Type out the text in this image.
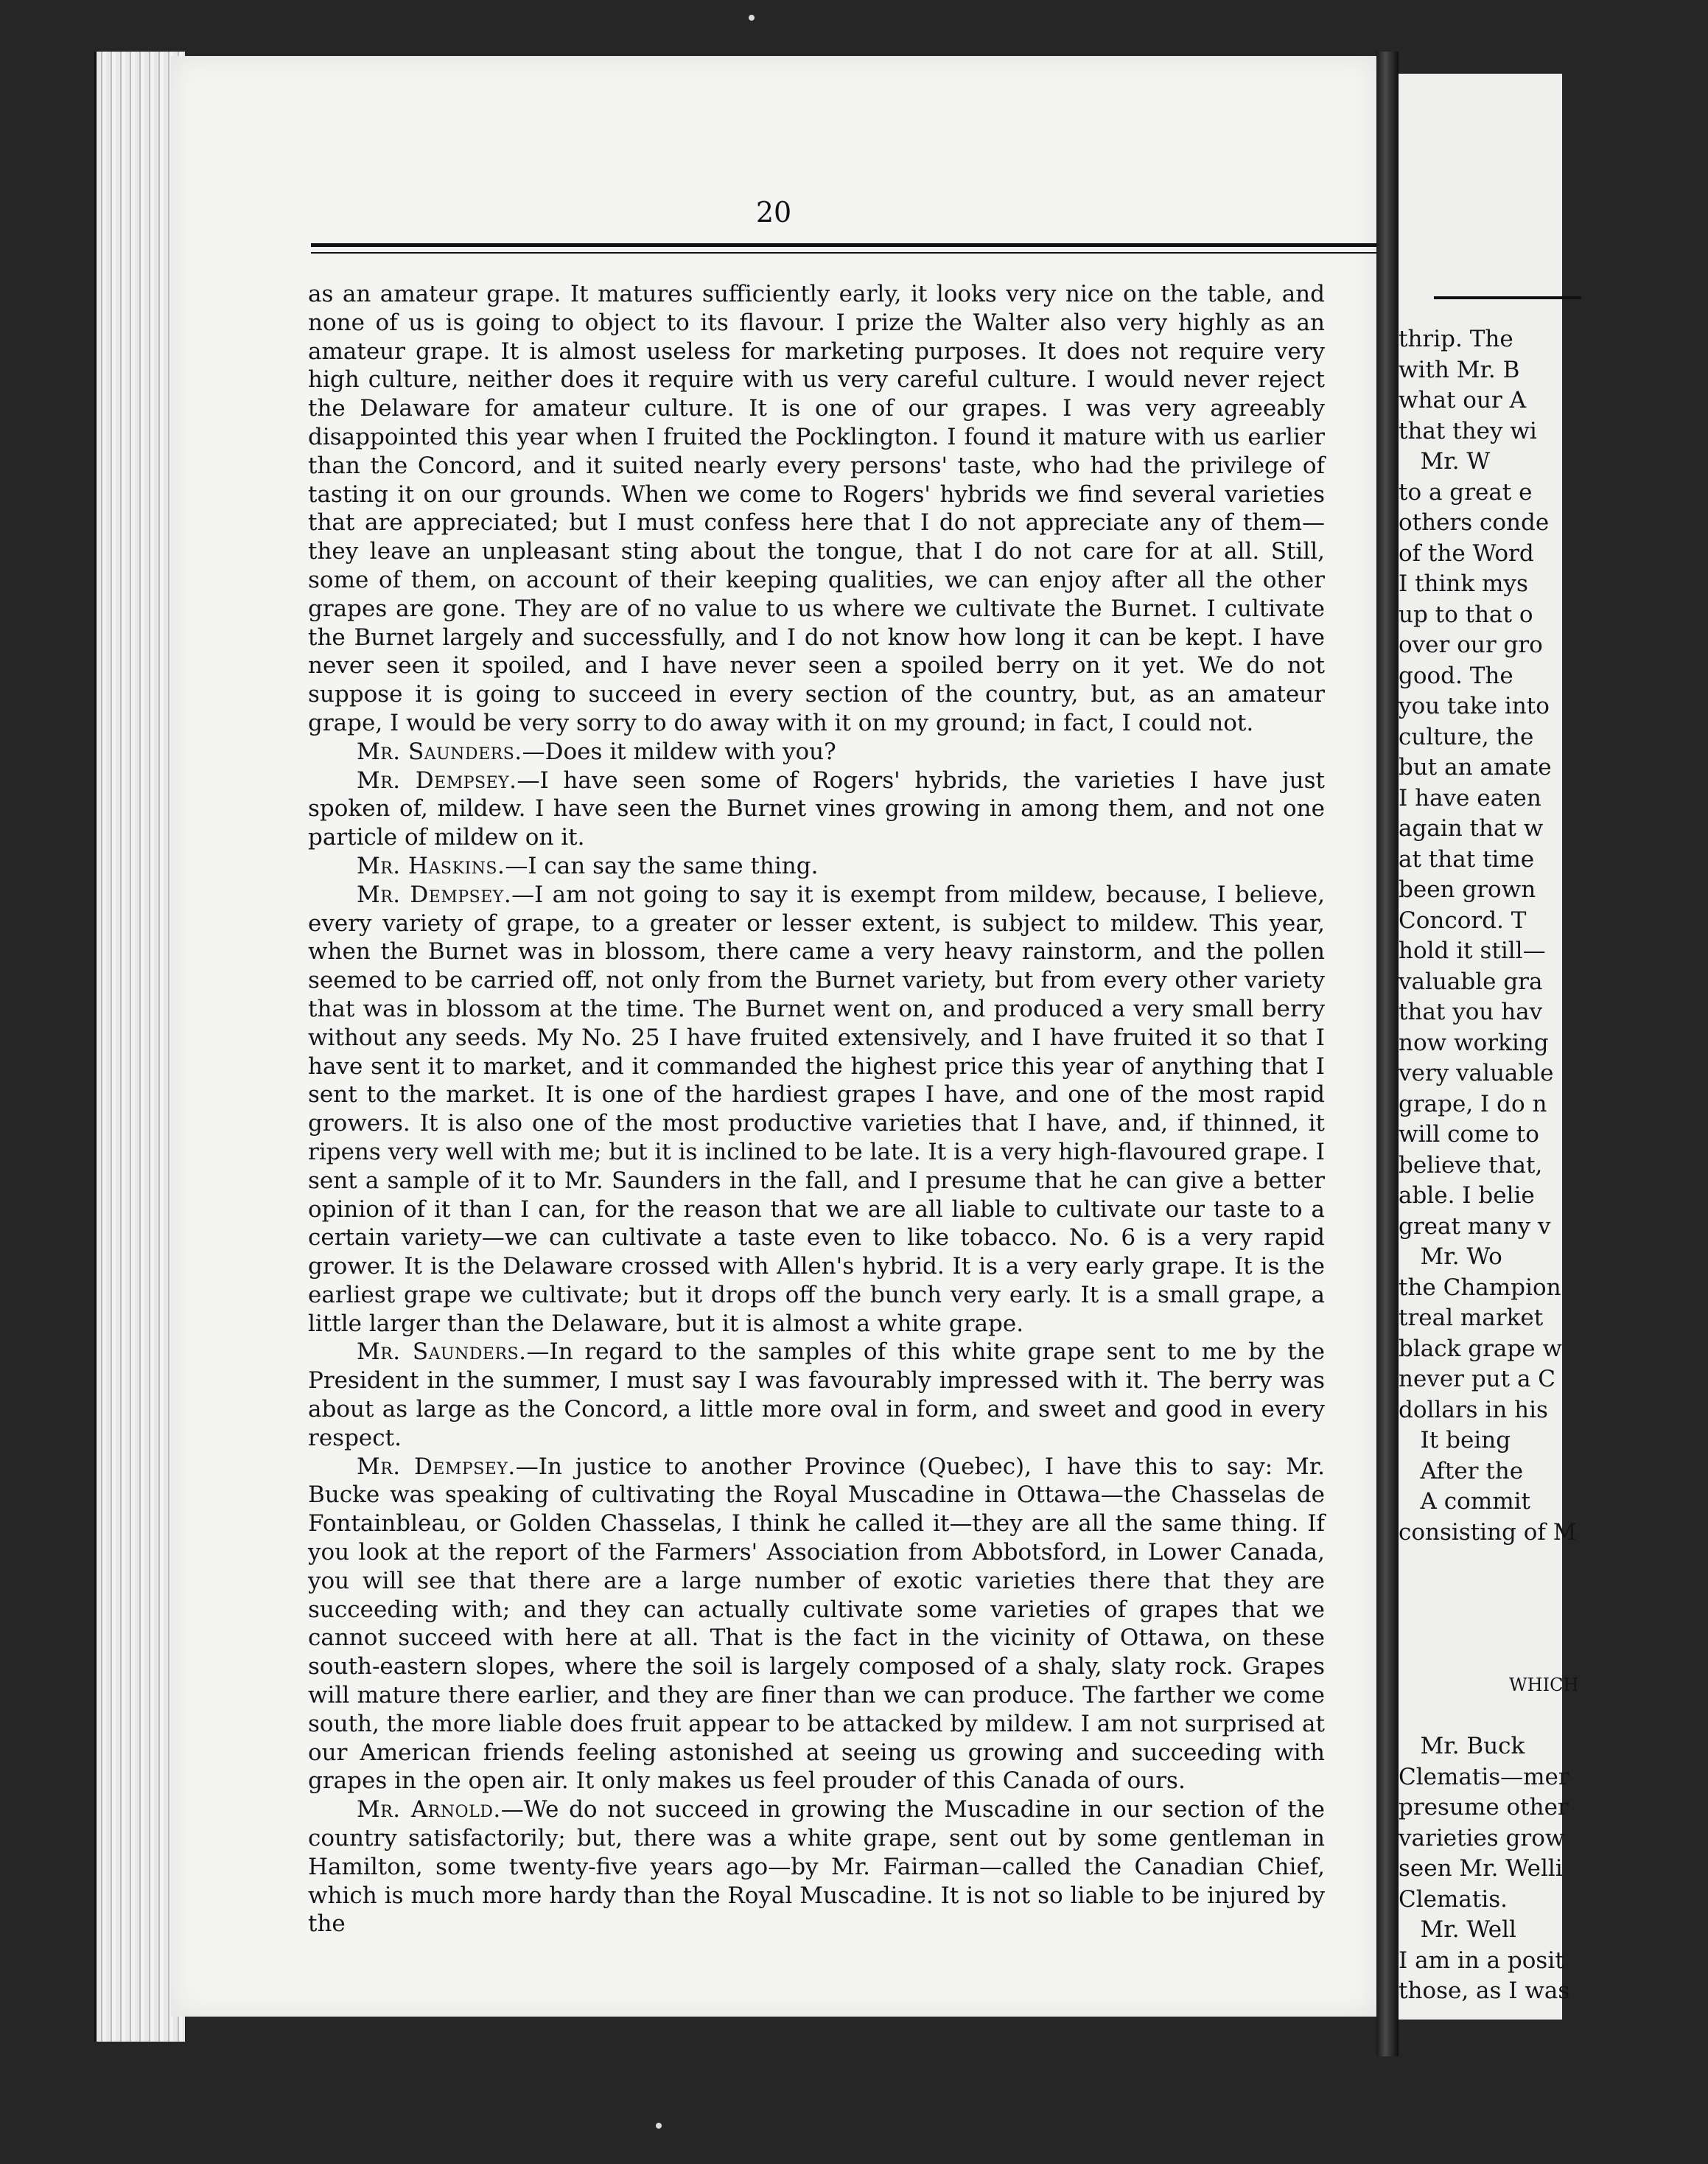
20

as an amateur grape. It matures sufficiently early, it looks very nice on the table, and none of us is going to object to its flavour. I prize the Walter also very highly as an amateur grape. It is almost useless for marketing purposes. It does not require very high culture, neither does it require with us very careful culture. I would never reject the Delaware for amateur culture. It is one of our grapes. I was very agreeably disappointed this year when I fruited the Pocklington. I found it mature with us earlier than the Concord, and it suited nearly every persons' taste, who had the privilege of tasting it on our grounds. When we come to Rogers' hybrids we find several varieties that are appreciated; but I must confess here that I do not appreciate any of them—they leave an unpleasant sting about the tongue, that I do not care for at all. Still, some of them, on account of their keeping qualities, we can enjoy after all the other grapes are gone. They are of no value to us where we cultivate the Burnet. I cultivate the Burnet largely and successfully, and I do not know how long it can be kept. I have never seen it spoiled, and I have never seen a spoiled berry on it yet. We do not suppose it is going to succeed in every section of the country, but, as an amateur grape, I would be very sorry to do away with it on my ground; in fact, I could not.

Mr. Saunders.—Does it mildew with you?

Mr. Dempsey.—I have seen some of Rogers' hybrids, the varieties I have just spoken of, mildew. I have seen the Burnet vines growing in among them, and not one particle of mildew on it.

Mr. Haskins.—I can say the same thing.

Mr. Dempsey.—I am not going to say it is exempt from mildew, because, I believe, every variety of grape, to a greater or lesser extent, is subject to mildew. This year, when the Burnet was in blossom, there came a very heavy rainstorm, and the pollen seemed to be carried off, not only from the Burnet variety, but from every other variety that was in blossom at the time. The Burnet went on, and produced a very small berry without any seeds. My No. 25 I have fruited extensively, and I have fruited it so that I have sent it to market, and it commanded the highest price this year of anything that I sent to the market. It is one of the hardiest grapes I have, and one of the most rapid growers. It is also one of the most productive varieties that I have, and, if thinned, it ripens very well with me; but it is inclined to be late. It is a very high-flavoured grape. I sent a sample of it to Mr. Saunders in the fall, and I presume that he can give a better opinion of it than I can, for the reason that we are all liable to cultivate our taste to a certain variety—we can cultivate a taste even to like tobacco. No. 6 is a very rapid grower. It is the Delaware crossed with Allen's hybrid. It is a very early grape. It is the earliest grape we cultivate; but it drops off the bunch very early. It is a small grape, a little larger than the Delaware, but it is almost a white grape.

Mr. Saunders.—In regard to the samples of this white grape sent to me by the President in the summer, I must say I was favourably impressed with it. The berry was about as large as the Concord, a little more oval in form, and sweet and good in every respect.

Mr. Dempsey.—In justice to another Province (Quebec), I have this to say: Mr. Bucke was speaking of cultivating the Royal Muscadine in Ottawa—the Chasselas de Fontainbleau, or Golden Chasselas, I think he called it—they are all the same thing. If you look at the report of the Farmers' Association from Abbotsford, in Lower Canada, you will see that there are a large number of exotic varieties there that they are succeeding with; and they can actually cultivate some varieties of grapes that we cannot succeed with here at all. That is the fact in the vicinity of Ottawa, on these south-eastern slopes, where the soil is largely composed of a shaly, slaty rock. Grapes will mature there earlier, and they are finer than we can produce. The farther we come south, the more liable does fruit appear to be attacked by mildew. I am not surprised at our American friends feeling astonished at seeing us growing and succeeding with grapes in the open air. It only makes us feel prouder of this Canada of ours.

Mr. Arnold.—We do not succeed in growing the Muscadine in our section of the country satisfactorily; but, there was a white grape, sent out by some gentleman in Hamilton, some twenty-five years ago—by Mr. Fairman—called the Canadian Chief, which is much more hardy than the Royal Muscadine. It is not so liable to be injured by the

thrip. The
with Mr. B
what our A
that they wi
Mr. W
to a great e
others conde
of the Word
I think mys
up to that o
over our gro
good. The
you take into
culture, the
but an amate
I have eaten
again that w
at that time
been grown
Concord. T
hold it still—
valuable gra
that you hav
now working
very valuable
grape, I do n
will come to
believe that,
able. I belie
great many v
Mr. Wo
the Champion
treal market
black grape w
never put a C
dollars in his
It being
After the
A commit
consisting of M
WHICH
Mr. Buck
Clematis—mer
presume other
varieties grow
seen Mr. Welli
Clematis.
Mr. Well
I am in a posit
those, as I was
